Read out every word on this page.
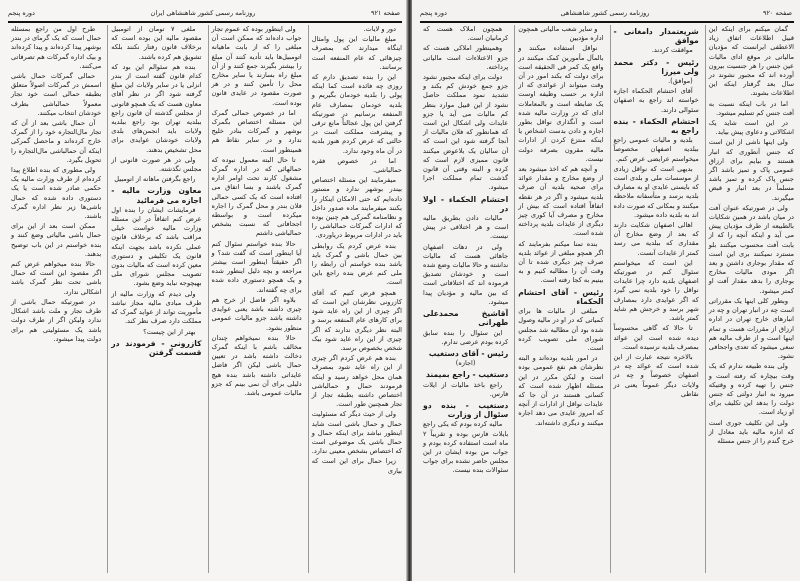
صفحه ۹۲۱
روزنامه رسمی کشور شاهنشاهی ایران
دوره پنجم

دور و لایات.

مبلغ مالیات این پول وامثال اینگاه میدارند که بمصرف چیزهائی که عام المنفعه است برسانند.

این را بنده تصدیق دارم که روزی چه فائده است کما اینکه پولی را بلدیه خودمان بگیریم و بلدیه خودمان بمصارف عام المنفعه برسانیم در صورتیکه گرفتن این پول عجالتاً مانع ترقی و پیشرفت مملکت است در حالتی که عرض کردم هنوز بلدیه در آن ماه وجود ندارد.

اما در خصوص فقره حمالباشی.

میفرمایند این مسئله اختصاص بیندر بوشهر ندارد و مستور داده‌ایم که حتی الامکان اینکار را بکنند میفرمایند ماده صدور داخل و نظامنامه گمرکی هم چنین بوده که ادارات گمرکات حمالباشی را باید در ادارات مربوط دریاوردی.

بنده عرض کردم یک روابطی بین حمال باشی و گمرک باید باشد بنده خواستم آن رابطه را ملی کنم عرض بنده راجع باین است.

همچو فرض کنیم که آقای کازرونی نظرشان این است که اگر چیزی از این راه عاید شود برای کارهای عام المنفعه برسد و البته نظر دیگری ندارند که اگر چیزی از این راه عاید شود بیک شخص بخصوص برسد.

بنده هم عرض کردم اگر چیزی از این راه عاید شود بمصرف همان محل خواهد رسید و اینکه فرمودند حمال و حمالباشی اختصاص داشته بطبقه تجار از تجار همچنین طور است.

ولی از حیث دیگر که مسئولیت حمال و حمال باشی است شاید اینطور نباشد برای اینکه حمال و حمال باشی یک موضوعی است که اختصاص بشخص معینی ندارد.

زیرا حمال برای این است که بیاری

ولی اینطور بوده که عموم تجار جواب داده‌اند که ممکن است آن مبلغی را که از بابت ماهیانه اتومبیل‌ها باید تأدیه کنند آن مبلغ را بیشتر بگیرند جمع کنند و از آن مبلغ راه بسازند یا سایر مخارج محل را تأمین کنند و در هر صورت مقصود در عایدی قانون بوده است.

اما در خصوص حمالی گمرک این مسئله اختصاص بگمرک بوشهر و گمرکات بنادر خلیج ندارد و در سایر نقاط هم همینطور است.

تا حال البته معمول نبوده که حمالهائی که در اداره گمرک مشغول کارند تحت اوامر اداره گمرک باشند و بسا اتفاق می افتاده است که یک کسی حمالی فلان بندر و محل گمرک را اجاره میکرده است و بواسطه اجحافاتی که نسبت بشخص حمالباشی داشتم

حالا بنده خواستم سئوال کنم آیا اینطور است که گفت شد؟ و اگر حقیقتاً اینطور است بیشتر مراجعه و بچه دلیل اینطور شده و یک همچو دستوری داده شده برای چه گفته‌اند.

بلاوه اگر فاضل از خرج هم چیزی داشته باشد یعنی عوایدی داشته باشد جزو مالیات عمومی منظور بشود.

حالا بنده نمیخواهم چندان مخالف باشم با اینکه گمرک دخالت داشته باشد در تعیین حمال باشی لیکن اگر فاضل عایداتی داشته باشد بنده هیچ دلیلی برای آن نمی بینم که جزو مالیات عمومی باشد.

ملغی ۷ تومان از اتومبیل مقصود مالیه این بوده است که برخلاف قانون رفتار نکنند بلکه تشویق هم کرده باشند.

بنده هم سئوالم این بود که کدام قانون گفته است از بندر انزلی یا در سایر ولایات این مبلغ گرفته شود اگر در نظر آقای معاون هست که یک همچو قانونی از مجلس گذشته آن قانون راجع ببلدیه تهران بود راجع ببلدیه ولایات باید انجمن‌های بلدی ولایات خودشان عوایدی برای محل تشخیص بدهند.

ولی در هر صورت قانونی از مجلس نگذشته.

راجع بگرفتن ماهانه از اتومبیل

معاون وزارت مالیه - اجازه می فرمائید

فرمایشات ایشان را بنده اول عرض کنم اتفاقاً در این مسئله وزارت مالیه خواست خیلی مراقب باشد که برخلاف قانون عملی نکرده باشد بجهت اینکه قانون یک تکلیفی و دستوری معین کرده است که مالیات بدون تصویب مجلس شورای ملی بهیچوجه نباید وضع بشود.

ولی دیدم که وزارت مالیه از طرف مبادی مالیه مجاز نباشد مأموریت تواند از عواید گمرک که مملکت دارد صرف نظر کند.

بهتر از این چیست؟

کازرونی - فرمودند در قسمت گرفتن

طرح اول من راجع بمسئله حمال است که یک گرمای در بندر بوشهر پیدا کرده‌اند و پیدا کرده‌اند و بیک اداره گمرکات هم تصرفاتی می‌کنند.

حمالی گمرکات حمال باشی اسمش در گمرکات اصولاً متعلق بطبقه حمالی است خود تجار معمولاً حمالباشی بطرف خودشان انتخاب میکنند.

آن حمال باشی بعد از آن که تجار مال‌التجاره خود را از گمرک خارج کرده‌اند و ماحصل گمرکی اینکه آن حمالباشی مال‌التجاره را تحویل بگیرد.

ولی مطوری که بنده اطلاع پیدا کرده‌ام از طرف وزارت مالیه یک حکمی صادر شده است یا یک دستوری داده شده که حمال باشی‌ها زیر نظر اداره گمرک باشند.

ممکن است بعد از این برای حمال باشی مالیاتی وضع کنند و بنده خواستم در این باب توضیح بدهند.

حالا بنده میخواهم عرض کنم اگر مقصود این است که حمال باشی تحت نظر گمرک باشد اشکالی ندارد.

در صورتیکه حمال باشی از طرف تجار و ملت باشد اشکال ندارد ولیکن اگر از طرف دولت باشد یک مسئولیتی هم برای دولت پیدا میشود.

صفحه ۹۲۰
روزنامه رسمی کشور شاهنشاهی
دوره پنجم

گمان میکنم برای اینکه این قبیل اطلاعات اتفاق زیاد الاعطفی ایرانست که مؤدیان مالیاتی در موقع ادای مالیات عین جنس را هر جنسیت بیرون آورده اند که مجبور نشوند در سال بعد گرفتار اینکه این اطلاعات بشوند.

اما در باب اینکه نسبت به آفت جنس کم تسلیم میشود.

در این است شاید یک اشکالاتی و دعاوی پیش بیاید.

ولی اینها ناشی از این است که جنس آنطوری که انبار هستند و بیایم برای ارزاق عمومی پاک و تمیز باشد اگر جنس پاک کرده و تمیز باشد مسلماً در بعد انبار و قبض میگیرند.

ولی در صورتیکه عنوان آفت در میان باشد در همین شکایات بالطبیعه از طرف مؤدیان پیش می آید و اینکه آنچه را که از بابت آفت محسوب میکنند بلو مسترد نمیکنند بری این است که مقدار بوجاری داشتن و بعد اگر مودی مالیات مخارج بوجاری را بدهد مقدار آفت او کمتر میشود.

وبطور کلی اینها یک مقرراتی است چه در انبار تهران و چه در انبارهای خارج تهران در اداره ارزاق از مقررات هست و تمام اینها است و از طرف مالیه هم سعی میشود که تعدی واجحافی نشود.

ولی بنده طبیعه ندارم که یک وقت بیچاره که رفته است و جنس را تهیه کرده و وقتیکه میرود به انبار دولتی که جنس دولت را بدهد این تکلیف برای او زیاد است.

ولی این تکلیف جوری است که اداره مالیه باید معادل از خرج گندم را از جنس مسئله

شریعتمدار دامغانی - موافق

موافقت کردند.

رئیس - دکتر محمد ولی میرزا

(موافق).

آقای احتشام الحکماء اجازه خواسته اند راجع به اصفهان سئوالی دارند.

احتشام الحکماء - بنده راجع به

بلدیه و مالیات عمومی راجع ببلدیه اصفهان مخصوصاً میخواستم عرایضی عرض کنم.

بدیهی است که نواقل زیادی از موسسات ملی و بلدی است که بایستی عایدی او به مصارف بلدیه برسد و متأسفانه ملاحظه میکنند و بمکانی که صورت داده اند به بلدیه داده میشود.

اهالی اصفهان شکایت دارند که بعد از وضع مخارج آن مقداری که ببلدیه می رسد کمتر از عایدات آنست.

این است که میخواستم سئوال کنم در صورتیکه اصفهان بلدیه دارد چرا عایدات نواقل را خود بلدیه نمی گیرد که اگر عوایدی دارد بمصارف شهر برسد و خرجش هم شاید کمتر باشد.

تا حالا که گاهی محسوساً دیده شده است این عوائد بمصرف بلدیه نرسیده است.

بالاخره نتیجه عبارت از این شده است که عوائد چه در اصفهان خصوصاً و چه در ولایات دیگر عموماً یعنی در نقاطی

و سایر شعب مالیاتی همچون اداره مؤدیین

نواقل استفاده میکنند و بالمآل مأمورین کمک میکنند در واقع یک کمر فی الحقیقه است برای دولت که بکند امور در آن وقت میتواند از عوائدی که از اداره بر حسب وظیفه اوست یک ضابطه است و بالمعاملات ادای که در وزارت مالیه شده است و آنگذاری نواقل بطور اجاره و دادن بدست اشخاص یا اینکه منتزع کردن از ادارات مالیه مقرون بصرفه دولت نیست.

و آنچه هم که اخذ میشود بعد از وضع مخارج و مقدار عوائد برای صحیه بلدیه آن صرف بلدیه میشود و اگر در هر نقطه اتفاقاً افتاده است که بیش از مخارج و مصرف آیا کوری چیز دیگری از عایدات بلدیه پرداخته شده است.

بنده تمنا میکنم بفرمایند که اگر همچو مبلغی از عوائد بلدیه صرف چیز دیگری شده تا آن وقت آن را مطالبه کنیم و به بینیم به کجا رفته است.

رئیس - آقای احتشام الحکماء

مبلغی از مالیات ها برای کمیاتی که در او در مالیه وصول شده بود آن مطالبه شد مجلس شورای ملی تصویب کرده است.

در امور بلدیه بوده‌اند و البته نظرشان هم نفع عمومی بوده است و لیکن مکرر در این مسئله اظهار شده است که کسانی هستند در آن جا که عایدات نواقل از ادارات از آنچه که امروز عایدی می دهد اجاره میکنند و دیگری داشته‌اند.

همچون املاک هست که کرمانیان است.

وهمینطور املاکی هست که جزو الاعتلاءات است مالیاتی پرداخته.

دولت برای اینکه مجبور نشود جزو جمع خودش کم بکند و تشدید نمود مملکت حاصل نشود از این قبیل موارد بنظر کم مالیات می آید یا جزو عایدات ولی اشکال این است که همانطور که فلان مالیات از آنجا گرفته شود این است که آن سالیان یک بلاعوض میکنند قانون ممیزی لازم است که کرده و البته وقتی آن قانون گذشت تمام مملکت اجرا میشود.

احتشام الحکماء - اولا در

مالیات دادن بطریق مالیه است و هر اختلافی در پیش نیست.

ولی در دهات اصفهان جاهائی هست که مالیات نداشته و حالا مالیات وضع شده است و خودشان تصدیق فرموده اند که اختلافاتی است که بین مالیه و مؤدیان پیدا میشود.

آقاشیخ محمدعلی طهرانی

این سئوال را بنده سابق کرده بودم عرضی ندارم.

رئیس - آقای دستغیب

(اجازه)

دستغیب - راجع بمیمند

راجع باخذ مالیات از ایلات فارس.

دستغیب - بنده دو سئوال از وزارت

مالیه کرده بودم که یکی راجع بایلات فارس بوده و تقریباً ۲ ماه است استفاده کرده بودم و جواب من بوده ایشان در این مجلس حاضر نشده برای جواب سئوالات بنده نیست.
